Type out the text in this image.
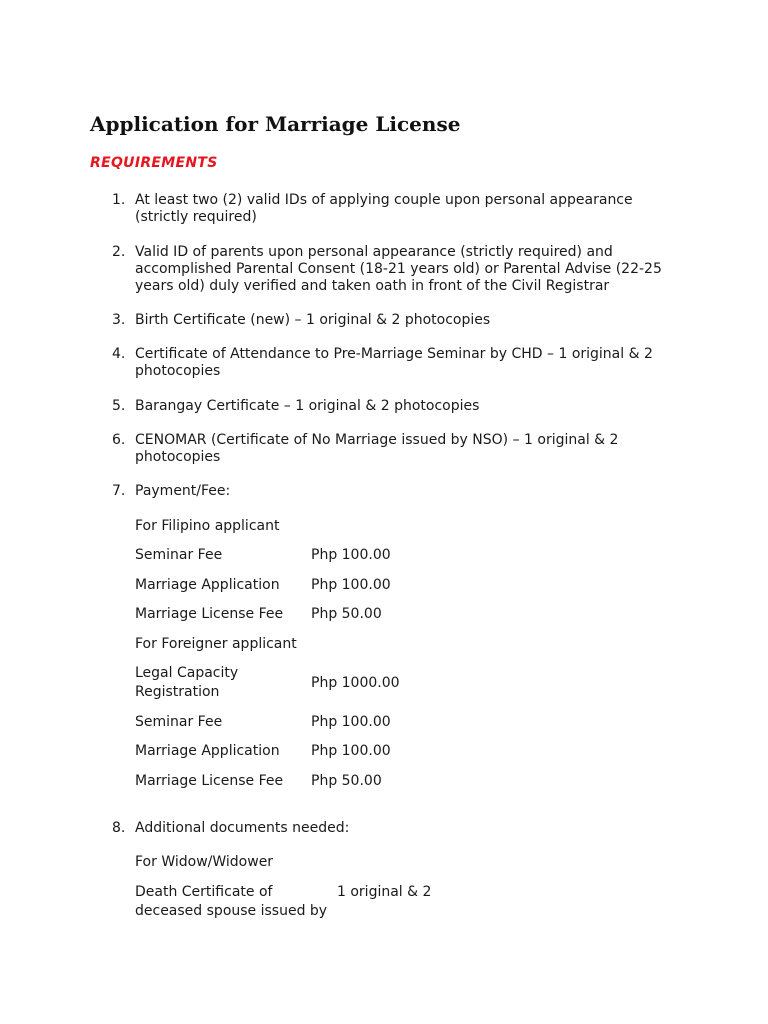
Application for Marriage License
REQUIREMENTS
1. At least two (2) valid IDs of applying couple upon personal appearance
(strictly required)
2. Valid ID of parents upon personal appearance (strictly required) and
accomplished Parental Consent (18-21 years old) or Parental Advise (22-25
years old) duly verified and taken oath in front of the Civil Registrar
3. Birth Certificate (new) – 1 original & 2 photocopies
4. Certificate of Attendance to Pre-Marriage Seminar by CHD – 1 original & 2
photocopies
5. Barangay Certificate – 1 original & 2 photocopies
6. CENOMAR (Certificate of No Marriage issued by NSO) – 1 original & 2
photocopies
7. Payment/Fee:
For Filipino applicant
Seminar Fee	Php 100.00
Marriage Application Php 100.00
Marriage License Fee Php 50.00
For Foreigner applicant
Legal Capacity
Registration
Php 1000.00
Seminar Fee	Php 100.00
Marriage Application Php 100.00
Marriage License Fee Php 50.00
8. Additional documents needed:
For Widow/Widower
Death Certificate of
deceased spouse issued by
1 original & 2
